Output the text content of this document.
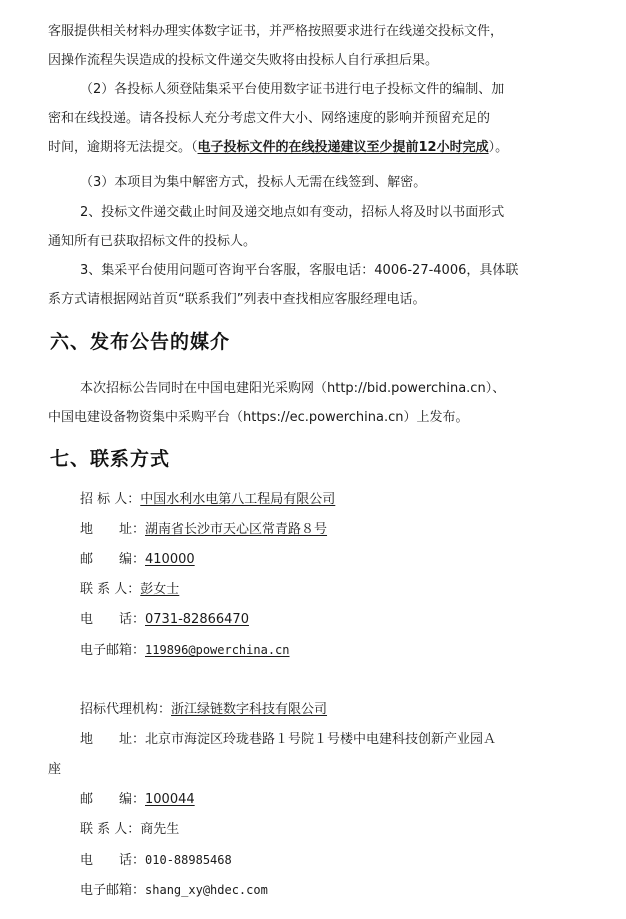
客服提供相关材料办理实体数字证书，并严格按照要求进行在线递交投标文件，
因操作流程失误造成的投标文件递交失败将由投标人自行承担后果。
（2）各投标人须登陆集采平台使用数字证书进行电子投标文件的编制、加
密和在线投递。请各投标人充分考虑文件大小、网络速度的影响并预留充足的
时间，逾期将无法提交。（电子投标文件的在线投递建议至少提前12小时完成）。
（3）本项目为集中解密方式，投标人无需在线签到、解密。
2、投标文件递交截止时间及递交地点如有变动，招标人将及时以书面形式
通知所有已获取招标文件的投标人。
3、集采平台使用问题可咨询平台客服，客服电话：4006-27-4006，具体联
系方式请根据网站首页“联系我们”列表中查找相应客服经理电话。
六、发布公告的媒介
本次招标公告同时在中国电建阳光采购网（http://bid.powerchina.cn）、
中国电建设备物资集中采购平台（https://ec.powerchina.cn）上发布。
七、联系方式
招 标 人：中国水利水电第八工程局有限公司
地　　址：湖南省长沙市天心区常青路８号
邮　　编：410000
联 系 人：彭女士
电　　话：0731-82866470
电子邮箱：119896@powerchina.cn
招标代理机构：浙江绿链数字科技有限公司
地　　址：北京市海淀区玲珑巷路１号院１号楼中电建科技创新产业园Ａ
座
邮　　编：100044
联 系 人：商先生
电　　话：010-88985468
电子邮箱：shang_xy@hdec.com
